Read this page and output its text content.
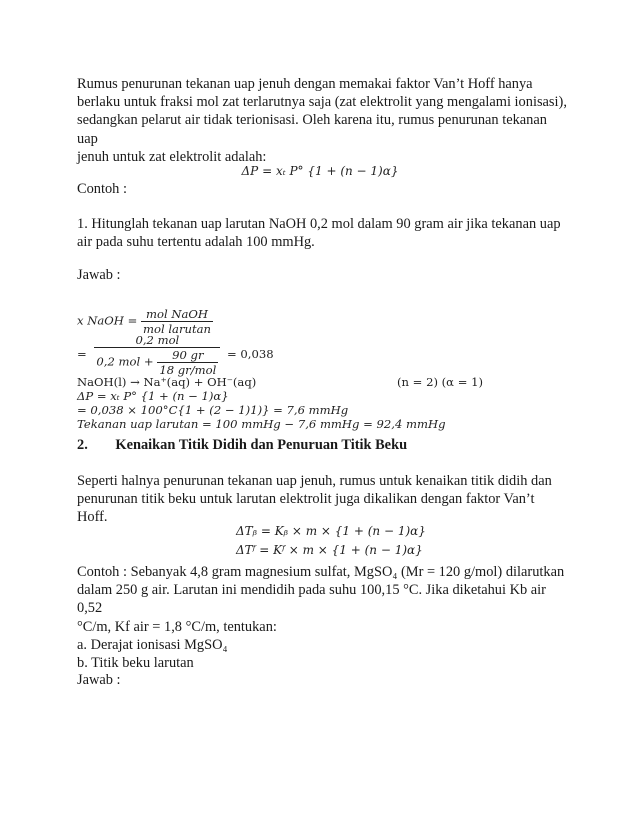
Rumus penurunan tekanan uap jenuh dengan memakai faktor Van’t Hoff hanya

berlaku untuk fraksi mol zat terlarutnya saja (zat elektrolit yang mengalami ionisasi),

sedangkan pelarut air tidak terionisasi. Oleh karena itu, rumus penurunan tekanan uap

jenuh untuk zat elektrolit adalah:

ΔP = xₜ P° {1 + (n − 1)α}
Contoh :

1. Hitunglah tekanan uap larutan NaOH 0,2 mol dalam 90 gram air jika tekanan uap

air pada suhu tertentu adalah 100 mmHg.

Jawab :
x NaOH = $\frac{\text{mol NaOH}}{\text{mol larutan}}$
= $\frac{\text{0,2 mol}}{0,2 mol + \frac{90 gr}{\text{18 gr/mol}}} = 0,038$
NaOH(l) → Na⁺(aq) + OH⁻(aq)	(n = 2) (α = 1)
ΔP = xₜ P° {1 + (n − 1)α}
= 0,038 × 100°C{1 + (2 − 1)1)} = 7,6 mmHg
Tekanan uap larutan = 100 mmHg − 7,6 mmHg = 92,4 mmHg
2. Kenaikan Titik Didih dan Penuruan Titik Beku

Seperti halnya penurunan tekanan uap jenuh, rumus untuk kenaikan titik didih dan

penurunan titik beku untuk larutan elektrolit juga dikalikan dengan faktor Van’t Hoff.

ΔTᵦ = Kᵦ × m × {1 + (n − 1)α}
ΔTᶠ = Kᶠ × m × {1 + (n − 1)α}

Contoh : Sebanyak 4,8 gram magnesium sulfat, MgSO₄ (Mr = 120 g/mol) dilarutkan

dalam 250 g air. Larutan ini mendidih pada suhu 100,15 °C. Jika diketahui Kb air 0,52

°C/m, Kf air = 1,8 °C/m, tentukan:

a. Derajat ionisasi MgSO₄

b. Titik beku larutan

Jawab :
